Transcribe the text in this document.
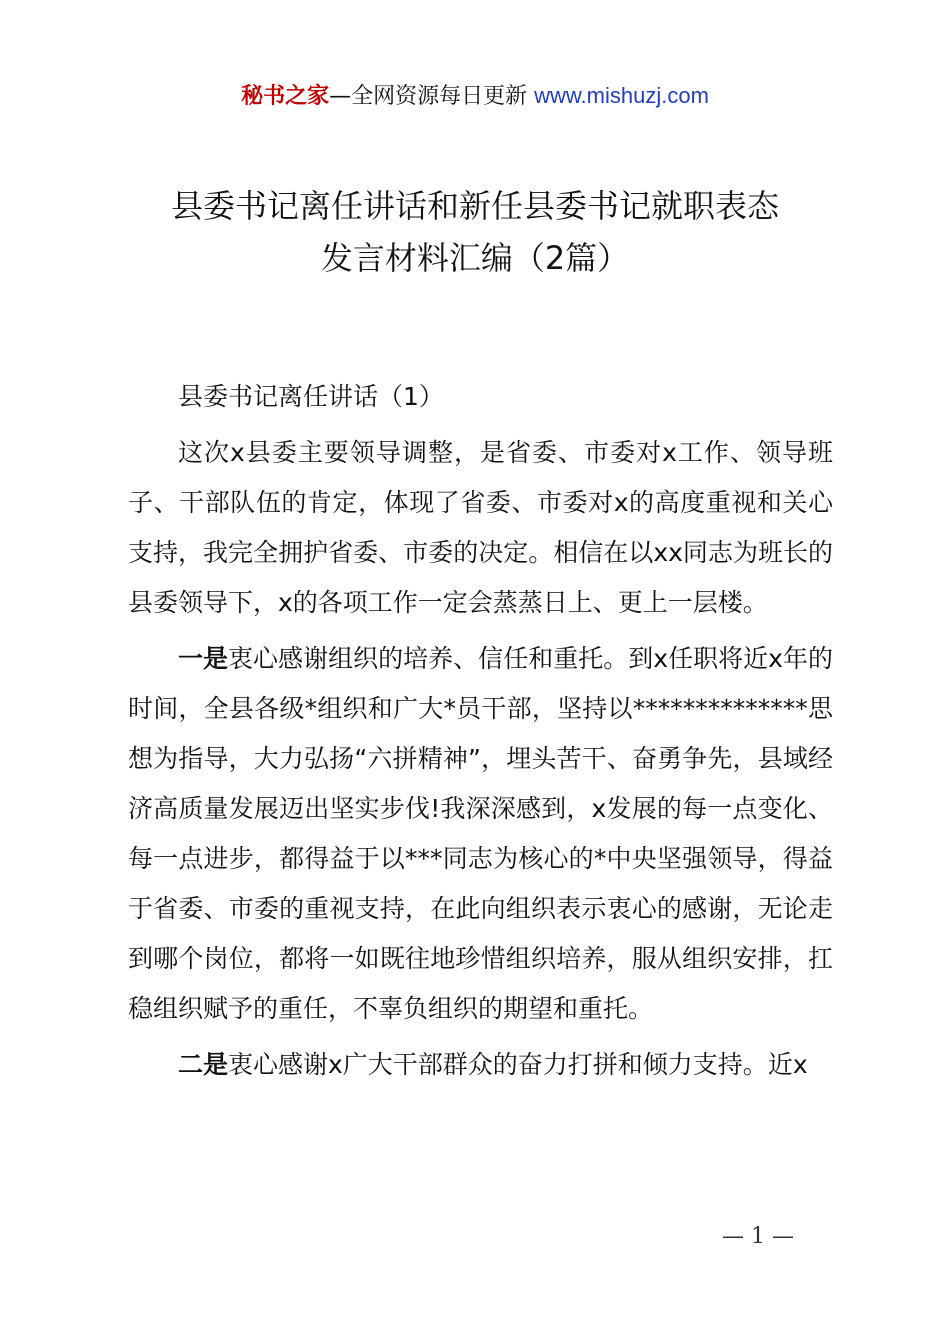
秘书之家—全网资源每日更新 www.mishuzj.com
县委书记离任讲话和新任县委书记就职表态
发言材料汇编（2篇）

县委书记离任讲话（1）

这次x县委主要领导调整，是省委、市委对x工作、领导班子、干部队伍的肯定，体现了省委、市委对x的高度重视和关心支持，我完全拥护省委、市委的决定。相信在以xx同志为班长的县委领导下，x的各项工作一定会蒸蒸日上、更上一层楼。

一是衷心感谢组织的培养、信任和重托。到x任职将近x年的时间，全县各级*组织和广大*员干部，坚持以**************思想为指导，大力弘扬“六拼精神”，埋头苦干、奋勇争先，县域经济高质量发展迈出坚实步伐!我深深感到，x发展的每一点变化、每一点进步，都得益于以***同志为核心的*中央坚强领导，得益于省委、市委的重视支持，在此向组织表示衷心的感谢，无论走到哪个岗位，都将一如既往地珍惜组织培养，服从组织安排，扛稳组织赋予的重任，不辜负组织的期望和重托。

二是衷心感谢x广大干部群众的奋力打拼和倾力支持。近x

— 1 —
